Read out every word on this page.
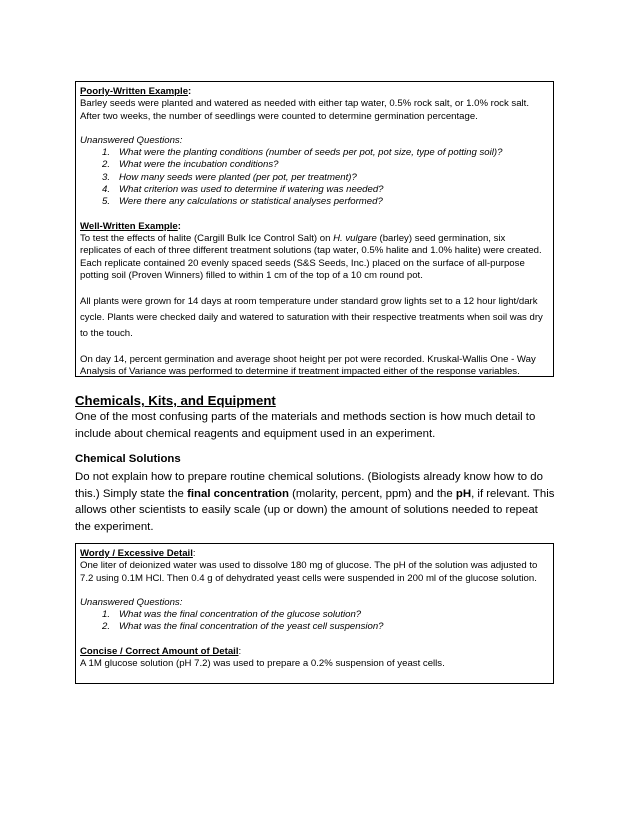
Poorly-Written Example:

Barley seeds were planted and watered as needed with either tap water, 0.5% rock salt, or 1.0% rock salt. After two weeks, the number of seedlings were counted to determine germination percentage.

Unanswered Questions:

1. What were the planting conditions (number of seeds per pot, pot size, type of potting soil)?
2. What were the incubation conditions?
3. How many seeds were planted (per pot, per treatment)?
4. What criterion was used to determine if watering was needed?
5. Were there any calculations or statistical analyses performed?

Well-Written Example:

To test the effects of halite (Cargill Bulk Ice Control Salt) on H. vulgare (barley) seed germination, six replicates of each of three different treatment solutions (tap water, 0.5% halite and 1.0% halite) were created. Each replicate contained 20 evenly spaced seeds (S&S Seeds, Inc.) placed on the surface of all-purpose potting soil (Proven Winners) filled to within 1 cm of the top of a 10 cm round pot.

All plants were grown for 14 days at room temperature under standard grow lights set to a 12 hour light/dark cycle. Plants were checked daily and watered to saturation with their respective treatments when soil was dry to the touch.

On day 14, percent germination and average shoot height per pot were recorded. Kruskal-Wallis One - Way Analysis of Variance was performed to determine if treatment impacted either of the response variables.

Chemicals, Kits, and Equipment
One of the most confusing parts of the materials and methods section is how much detail to include about chemical reagents and equipment used in an experiment.
Chemical Solutions
Do not explain how to prepare routine chemical solutions. (Biologists already know how to do this.) Simply state the final concentration (molarity, percent, ppm) and the pH, if relevant. This allows other scientists to easily scale (up or down) the amount of solutions needed to repeat the experiment.

Wordy / Excessive Detail:

One liter of deionized water was used to dissolve 180 mg of glucose. The pH of the solution was adjusted to 7.2 using 0.1M HCl. Then 0.4 g of dehydrated yeast cells were suspended in 200 ml of the glucose solution.

Unanswered Questions:

1. What was the final concentration of the glucose solution?
2. What was the final concentration of the yeast cell suspension?

Concise / Correct Amount of Detail:

A 1M glucose solution (pH 7.2) was used to prepare a 0.2% suspension of yeast cells.
